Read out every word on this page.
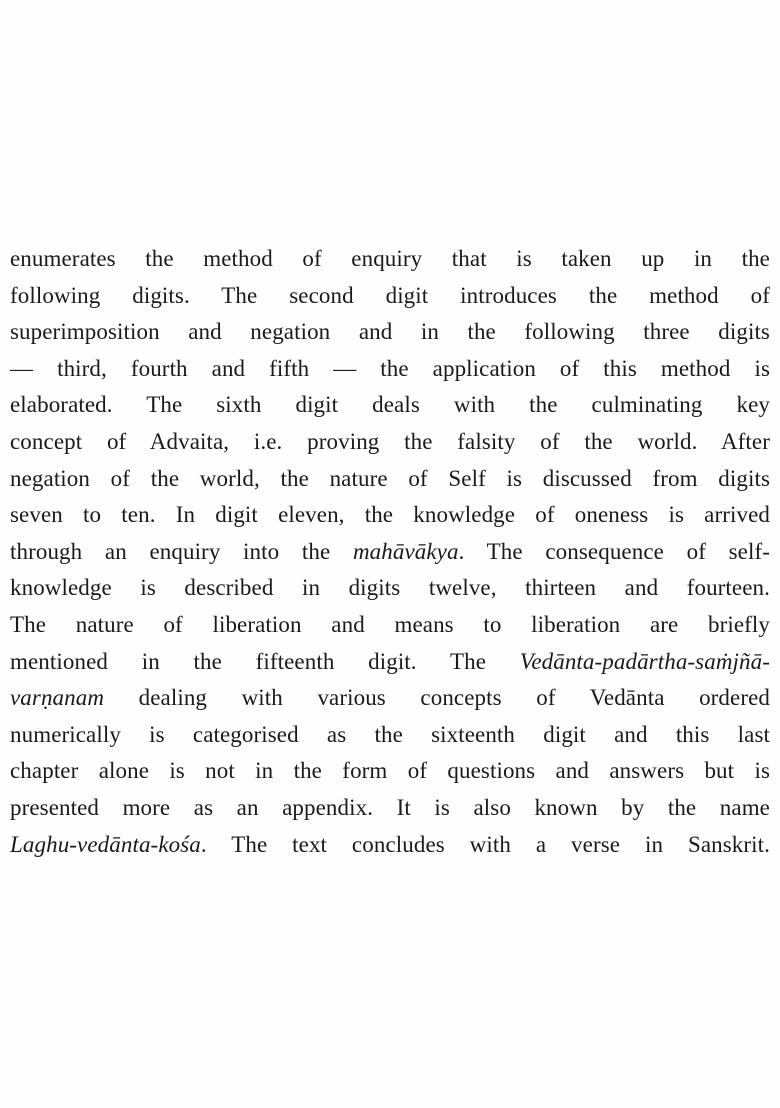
enumerates the method of enquiry that is taken up in the
following digits. The second digit introduces the method of
superimposition and negation and in the following three digits
— third, fourth and fifth — the application of this method is
elaborated. The sixth digit deals with the culminating key
concept of Advaita, i.e. proving the falsity of the world. After
negation of the world, the nature of Self is discussed from digits
seven to ten. In digit eleven, the knowledge of oneness is arrived
through an enquiry into the mahāvākya. The consequence of self-
knowledge is described in digits twelve, thirteen and fourteen.
The nature of liberation and means to liberation are briefly
mentioned in the fifteenth digit. The Vedānta-padārtha-saṁjñā-
varṇanam dealing with various concepts of Vedānta ordered
numerically is categorised as the sixteenth digit and this last
chapter alone is not in the form of questions and answers but is
presented more as an appendix. It is also known by the name
Laghu-vedānta-kośa. The text concludes with a verse in Sanskrit.
